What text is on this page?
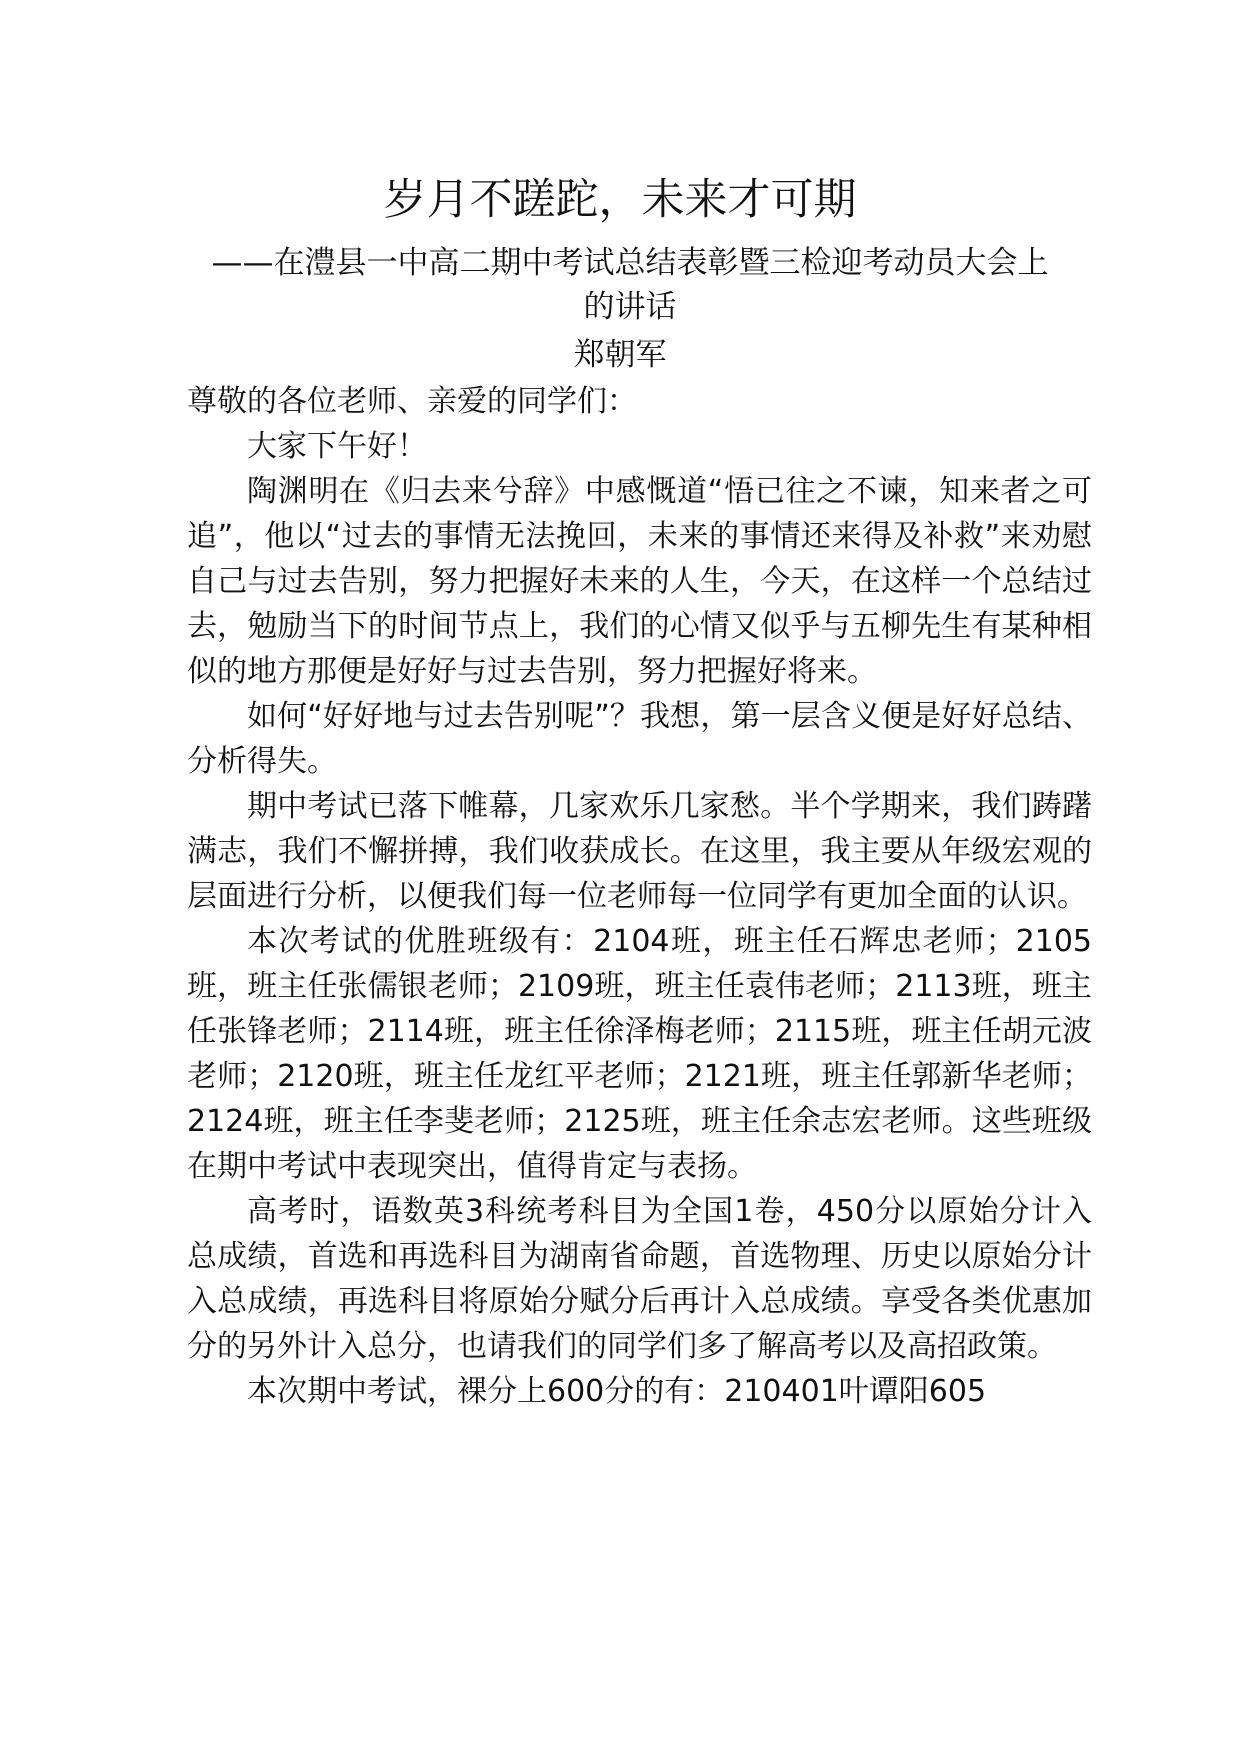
岁月不蹉跎，未来才可期
——在澧县一中高二期中考试总结表彰暨三检迎考动员大会上的讲话
郑朝军

尊敬的各位老师、亲爱的同学们：

大家下午好！

陶渊明在《归去来兮辞》中感慨道“悟已往之不谏，知来者之可追”，他以“过去的事情无法挽回，未来的事情还来得及补救”来劝慰自己与过去告别，努力把握好未来的人生，今天，在这样一个总结过去，勉励当下的时间节点上，我们的心情又似乎与五柳先生有某种相似的地方那便是好好与过去告别，努力把握好将来。

如何“好好地与过去告别呢”？我想，第一层含义便是好好总结、分析得失。

期中考试已落下帷幕，几家欢乐几家愁。半个学期来，我们踌躇满志，我们不懈拼搏，我们收获成长。在这里，我主要从年级宏观的层面进行分析，以便我们每一位老师每一位同学有更加全面的认识。

本次考试的优胜班级有：2104班，班主任石辉忠老师；2105班，班主任张儒银老师；2109班，班主任袁伟老师；2113班，班主任张锋老师；2114班，班主任徐泽梅老师；2115班，班主任胡元波老师；2120班，班主任龙红平老师；2121班，班主任郭新华老师；2124班，班主任李斐老师；2125班，班主任余志宏老师。这些班级在期中考试中表现突出，值得肯定与表扬。

高考时，语数英3科统考科目为全国1卷，450分以原始分计入总成绩，首选和再选科目为湖南省命题，首选物理、历史以原始分计入总成绩，再选科目将原始分赋分后再计入总成绩。享受各类优惠加分的另外计入总分，也请我们的同学们多了解高考以及高招政策。

本次期中考试，裸分上600分的有：210401叶谭阳605
